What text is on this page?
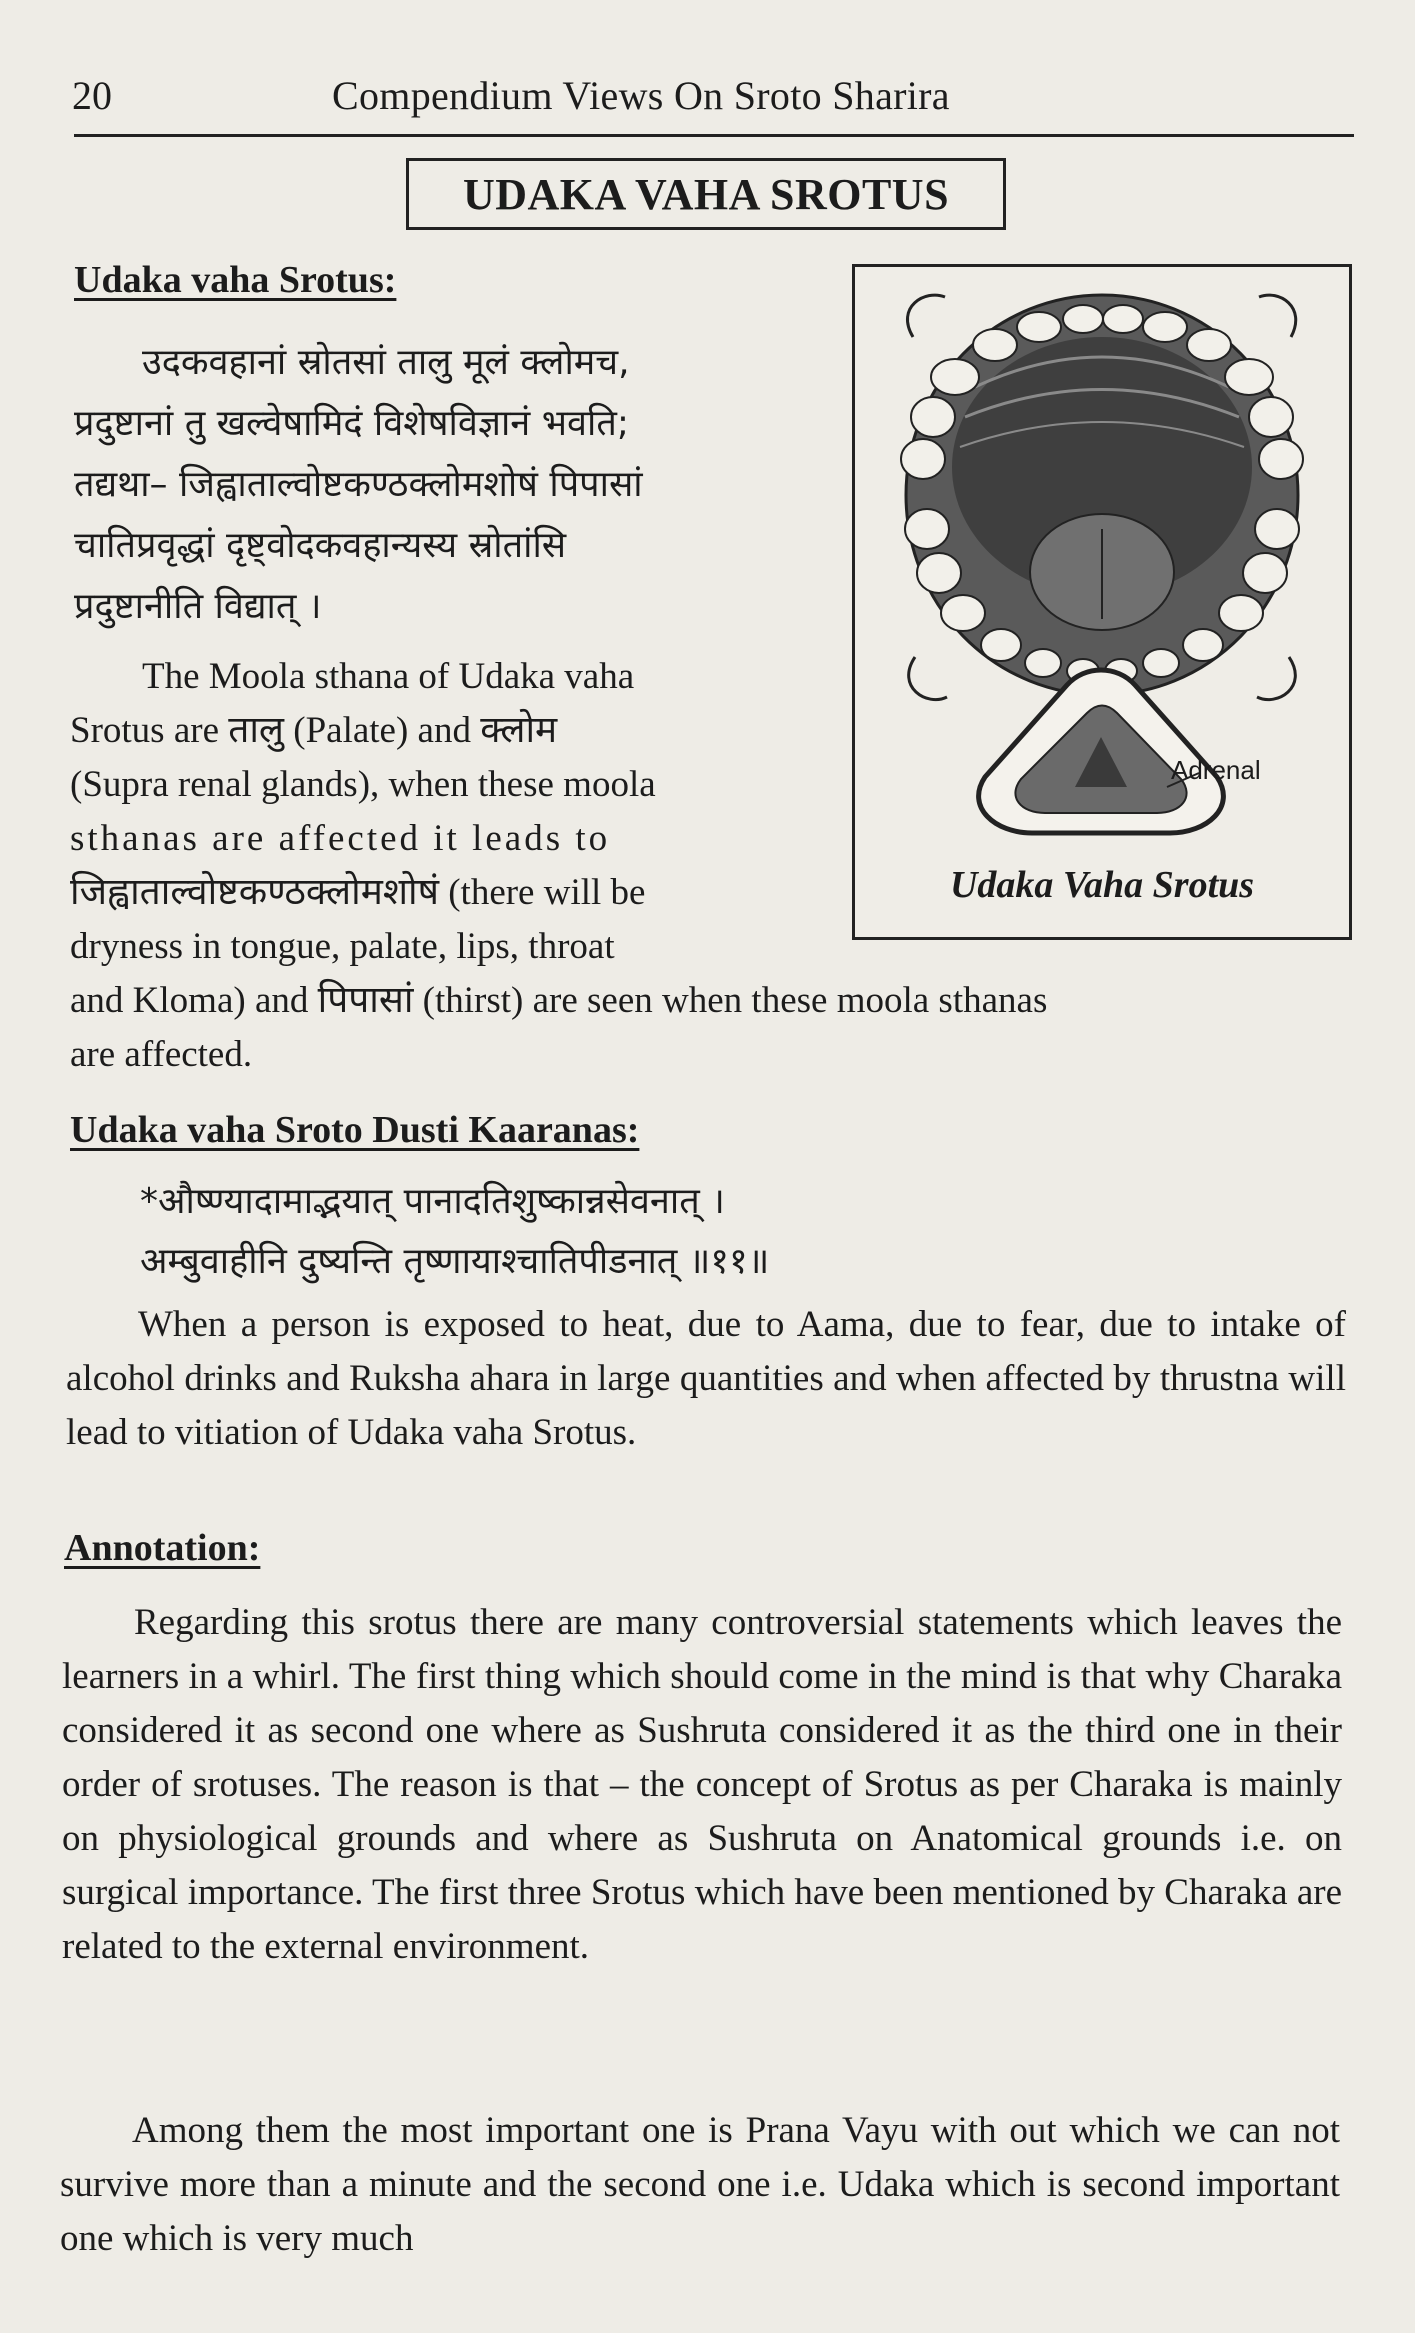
20	Compendium Views On Sroto Sharira
UDAKA VAHA SROTUS
Udaka vaha Srotus:

उदकवहानां स्रोतसां तालु मूलं क्लोमच,

प्रदुष्टानां तु खल्वेषामिदं विशेषविज्ञानं भवति;

तद्यथा– जिह्वाताल्वोष्टकण्ठक्लोमशोषं पिपासां

चातिप्रवृद्धां दृष्ट्वोदकवहान्यस्य स्रोतांसि

प्रदुष्टानीति विद्यात् ।

The Moola sthana of Udaka vaha
Srotus are तालु (Palate) and क्लोम
(Supra renal glands), when these moola
sthanas are affected it leads to
जिह्वाताल्वोष्टकण्ठक्लोमशोषं (there will be
dryness in tongue, palate, lips, throat
and Kloma) and पिपासां (thirst) are seen when these moola sthanas
are affected.
Adrenal
Udaka Vaha Srotus
Udaka vaha Sroto Dusti Kaaranas:

*औष्ण्यादामाद्भयात् पानादतिशुष्कान्नसेवनात् ।

अम्बुवाहीनि दुष्यन्ति तृष्णायाश्चातिपीडनात् ॥११॥

When a person is exposed to heat, due to Aama, due to fear, due to intake of alcohol drinks and Ruksha ahara in large quantities and when affected by thrustna will lead to vitiation of Udaka vaha Srotus.
Annotation:
Regarding this srotus there are many controversial statements which leaves the learners in a whirl. The first thing which should come in the mind is that why Charaka considered it as second one where as Sushruta considered it as the third one in their order of srotuses. The reason is that – the concept of Srotus as per Charaka is mainly on physiological grounds and where as Sushruta on Anatomical grounds i.e. on surgical importance. The first three Srotus which have been mentioned by Charaka are related to the external environment.
Among them the most important one is Prana Vayu with out which we can not survive more than a minute and the second one i.e. Udaka which is second important one which is very much
